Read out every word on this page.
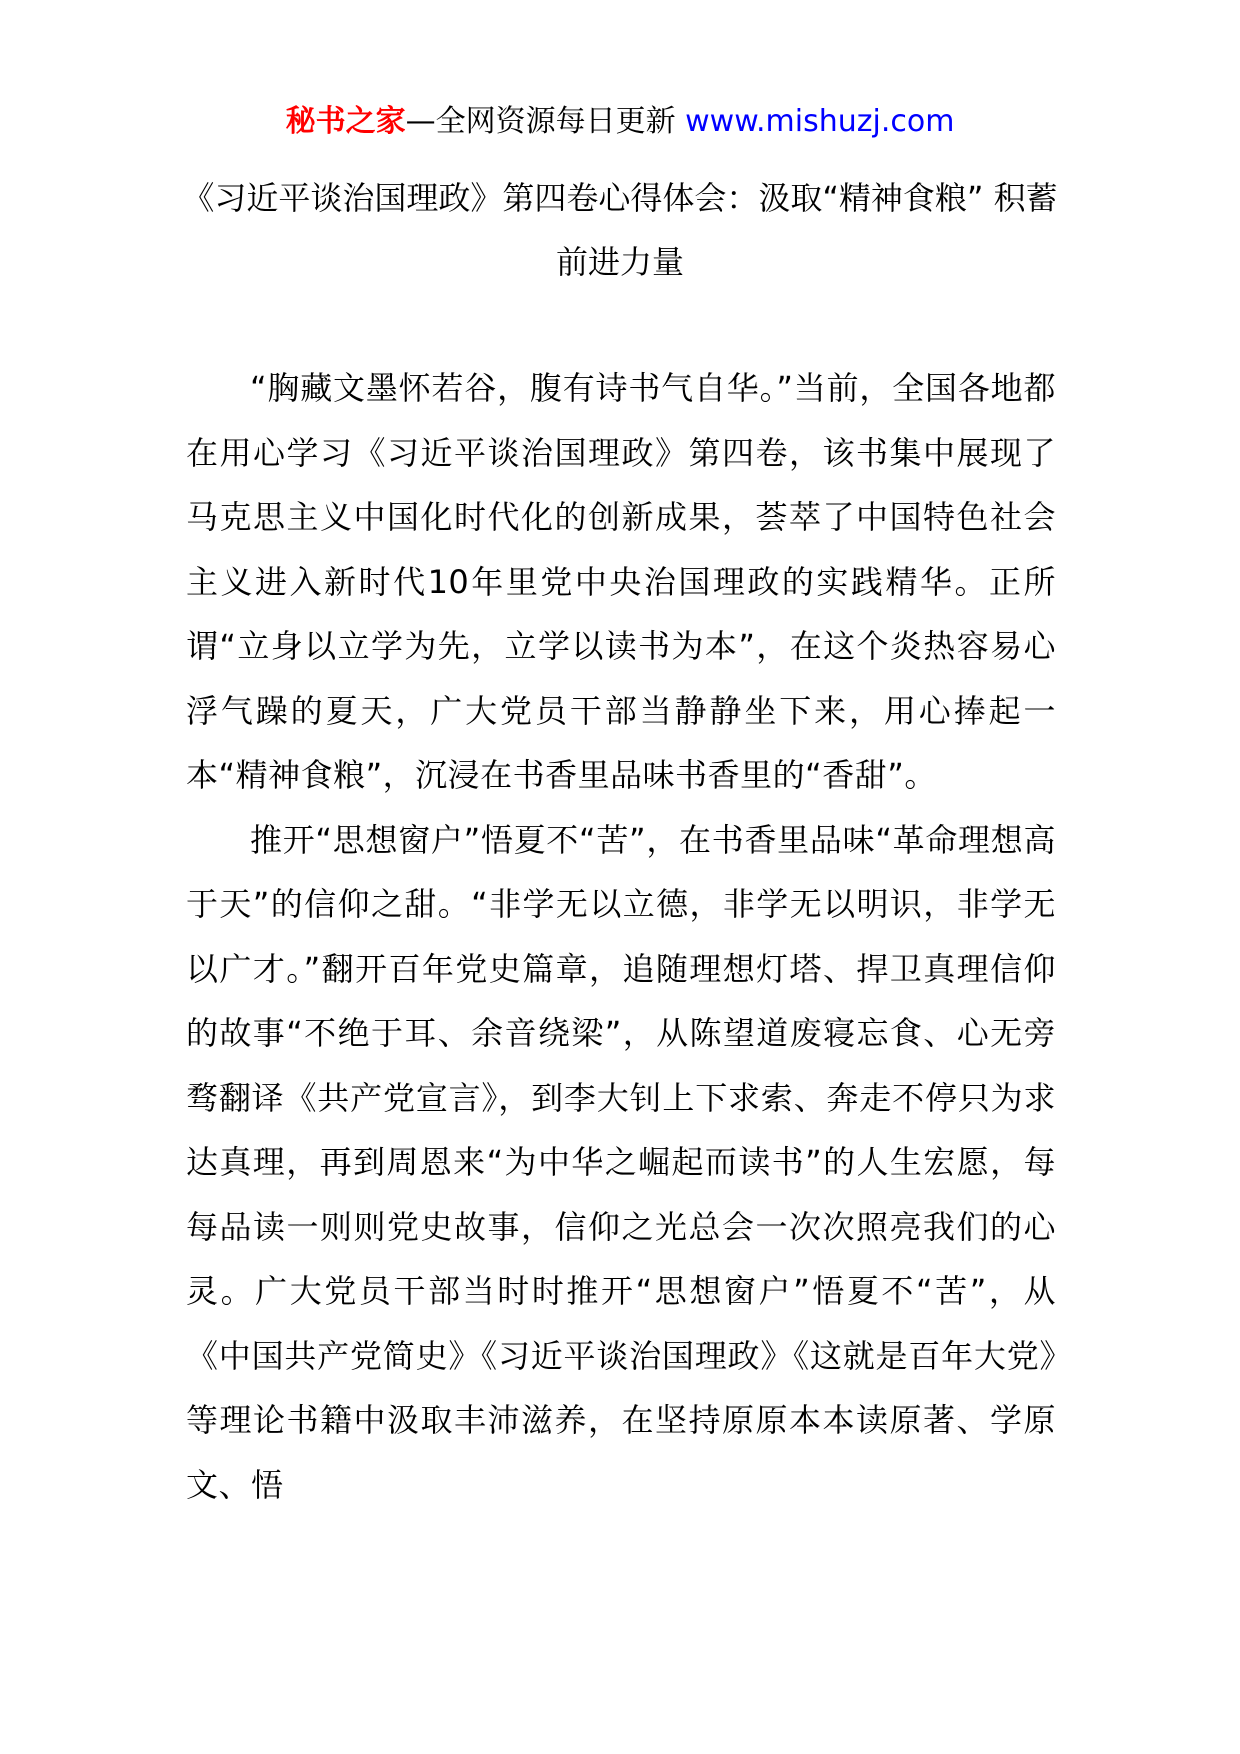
秘书之家—全网资源每日更新 www.mishuzj.com
《习近平谈治国理政》第四卷心得体会：汲取“精神食粮” 积蓄前进力量

“胸藏文墨怀若谷，腹有诗书气自华。”当前，全国各地都在用心学习《习近平谈治国理政》第四卷，该书集中展现了马克思主义中国化时代化的创新成果，荟萃了中国特色社会主义进入新时代10年里党中央治国理政的实践精华。正所谓“立身以立学为先，立学以读书为本”，在这个炎热容易心浮气躁的夏天，广大党员干部当静静坐下来，用心捧起一本“精神食粮”，沉浸在书香里品味书香里的“香甜”。

推开“思想窗户”悟夏不“苦”，在书香里品味“革命理想高于天”的信仰之甜。“非学无以立德，非学无以明识，非学无以广才。”翻开百年党史篇章，追随理想灯塔、捍卫真理信仰的故事“不绝于耳、余音绕梁”，从陈望道废寝忘食、心无旁骛翻译《共产党宣言》，到李大钊上下求索、奔走不停只为求达真理，再到周恩来“为中华之崛起而读书”的人生宏愿，每每品读一则则党史故事，信仰之光总会一次次照亮我们的心灵。广大党员干部当时时推开“思想窗户”悟夏不“苦”，从《中国共产党简史》《习近平谈治国理政》《这就是百年大党》等理论书籍中汲取丰沛滋养，在坚持原原本本读原著、学原文、悟
